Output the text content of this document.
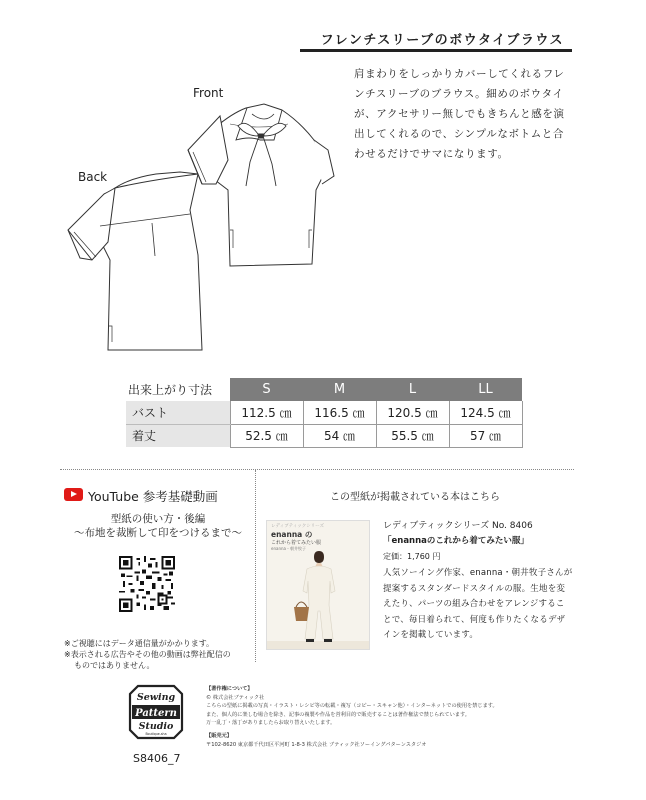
フレンチスリーブのボウタイブラウス
肩まわりをしっかりカバーしてくれるフレ
ンチスリーブのブラウス。細めのボウタイ
が、アクセサリー無しでもきちんと感を演
出してくれるので、シンプルなボトムと合
わせるだけでサマになります。
Front
Back
出来上がり寸法	S	M	L	LL
バスト	112.5 ㎝	116.5 ㎝	120.5 ㎝	124.5 ㎝
着丈	52.5 ㎝	54 ㎝	55.5 ㎝	57 ㎝
YouTube 参考基礎動画
型紙の使い方・後編
～布地を裁断して印をつけるまで～
※ご視聴にはデータ通信量がかかります。
※表示される広告やその他の動画は弊社配信の
ものではありません。
この型紙が掲載されている本はこちら
レディブティックシリーズ
enanna の
これから着てみたい服
enanna・朝井牧子
レディブティックシリーズ No. 8406
「enannaのこれから着てみたい服」
定価：1,760 円
人気ソーイング作家、enanna・朝井牧子さんが
提案するスタンダードスタイルの服。生地を変
えたり、パーツの組み合わせをアレンジするこ
とで、毎日着られて、何度も作りたくなるデザ
インを掲載しています。
Sewing
Pattern
Studio
Boutique-sha
S8406_7
【著作権について】
© 株式会社ブティック社
こちらの型紙に掲載の写真・イラスト・レシピ等の転載・複写（コピー・スキャン他）・インターネットでの使用を禁じます。
また、個人的に楽しむ場合を除き、記事の複製や作品を営利目的で販売することは著作権法で禁じられています。
万一乱丁・落丁がありましたらお取り替えいたします。
【販売元】
〒102-8620 東京都千代田区平河町 1-8-3 株式会社 ブティック社ソーイングパターンスタジオ
